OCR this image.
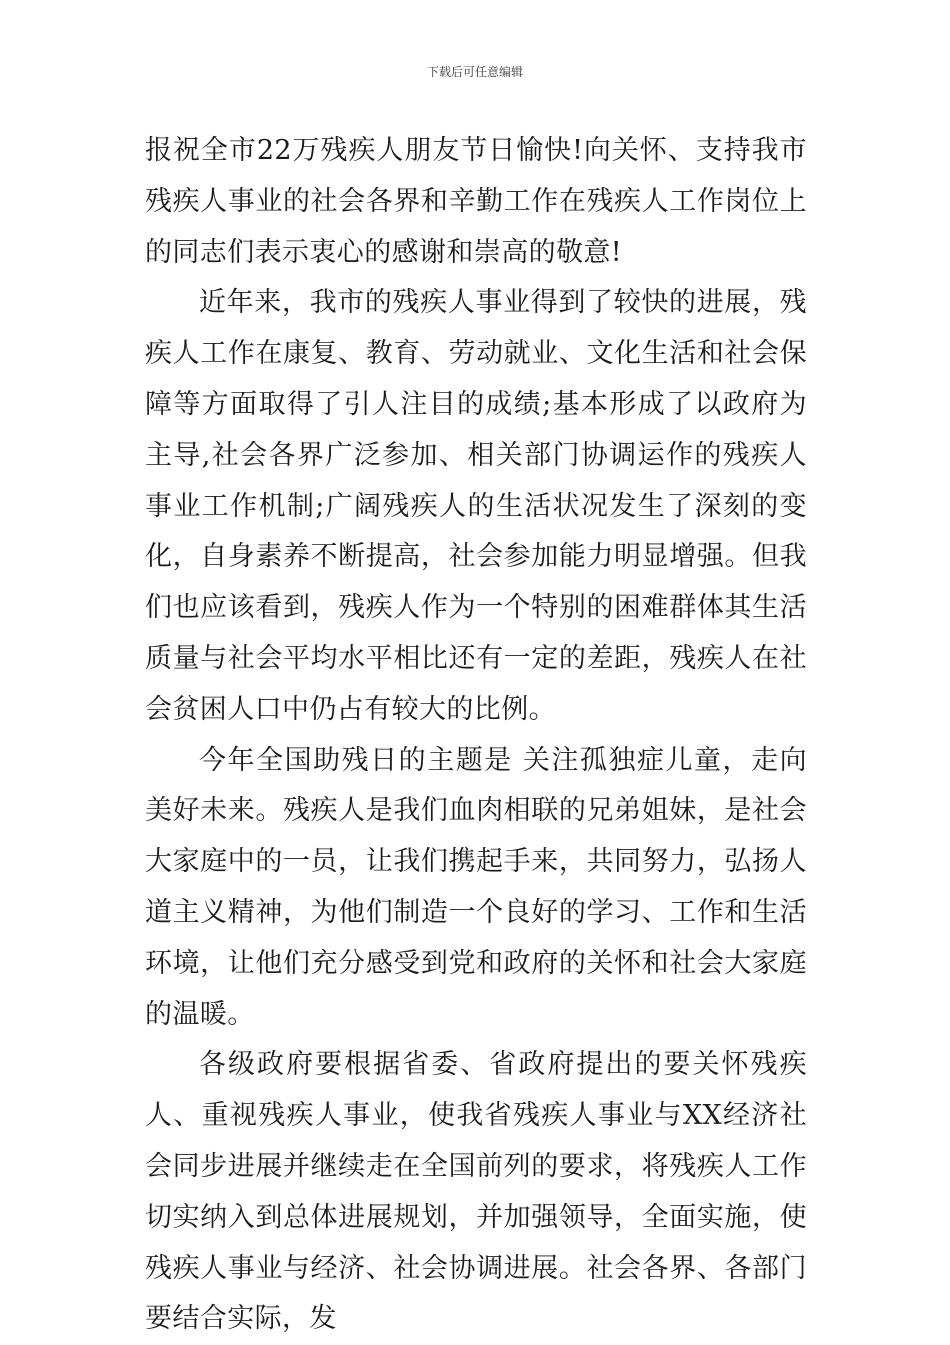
下载后可任意编辑

报祝全市22万残疾人朋友节日愉快!向关怀、支持我市残疾人事业的社会各界和辛勤工作在残疾人工作岗位上的同志们表示衷心的感谢和崇高的敬意!

近年来，我市的残疾人事业得到了较快的进展，残疾人工作在康复、教育、劳动就业、文化生活和社会保障等方面取得了引人注目的成绩;基本形成了以政府为主导,社会各界广泛参加、相关部门协调运作的残疾人事业工作机制;广阔残疾人的生活状况发生了深刻的变化，自身素养不断提高，社会参加能力明显增强。但我们也应该看到，残疾人作为一个特别的困难群体其生活质量与社会平均水平相比还有一定的差距，残疾人在社会贫困人口中仍占有较大的比例。

今年全国助残日的主题是 关注孤独症儿童，走向美好未来。残疾人是我们血肉相联的兄弟姐妹，是社会大家庭中的一员，让我们携起手来，共同努力，弘扬人道主义精神，为他们制造一个良好的学习、工作和生活环境，让他们充分感受到党和政府的关怀和社会大家庭的温暖。

各级政府要根据省委、省政府提出的要关怀残疾人、重视残疾人事业，使我省残疾人事业与XX经济社会同步进展并继续走在全国前列的要求，将残疾人工作切实纳入到总体进展规划，并加强领导，全面实施，使残疾人事业与经济、社会协调进展。社会各界、各部门要结合实际，发
